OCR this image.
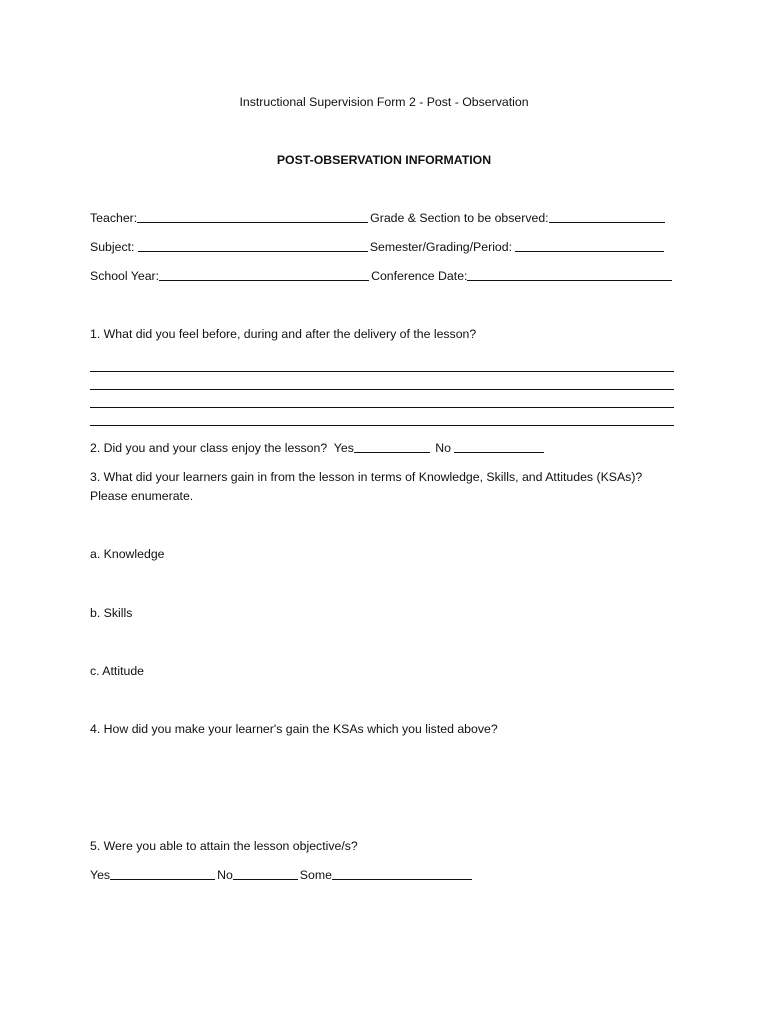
Instructional Supervision Form 2 - Post - Observation
POST-OBSERVATION INFORMATION
Teacher:	Grade & Section to be observed:
Subject:	Semester/Grading/Period:
School Year:	Conference Date:
1. What did you feel before, during and after the delivery of the lesson?
2. Did you and your class enjoy the lesson?  Yes	No
3. What did your learners gain in from the lesson in terms of Knowledge, Skills, and Attitudes (KSAs)?
Please enumerate.
a. Knowledge
b. Skills
c. Attitude
4. How did you make your learner's gain the KSAs which you listed above?
5. Were you able to attain the lesson objective/s?
Yes	No	Some
